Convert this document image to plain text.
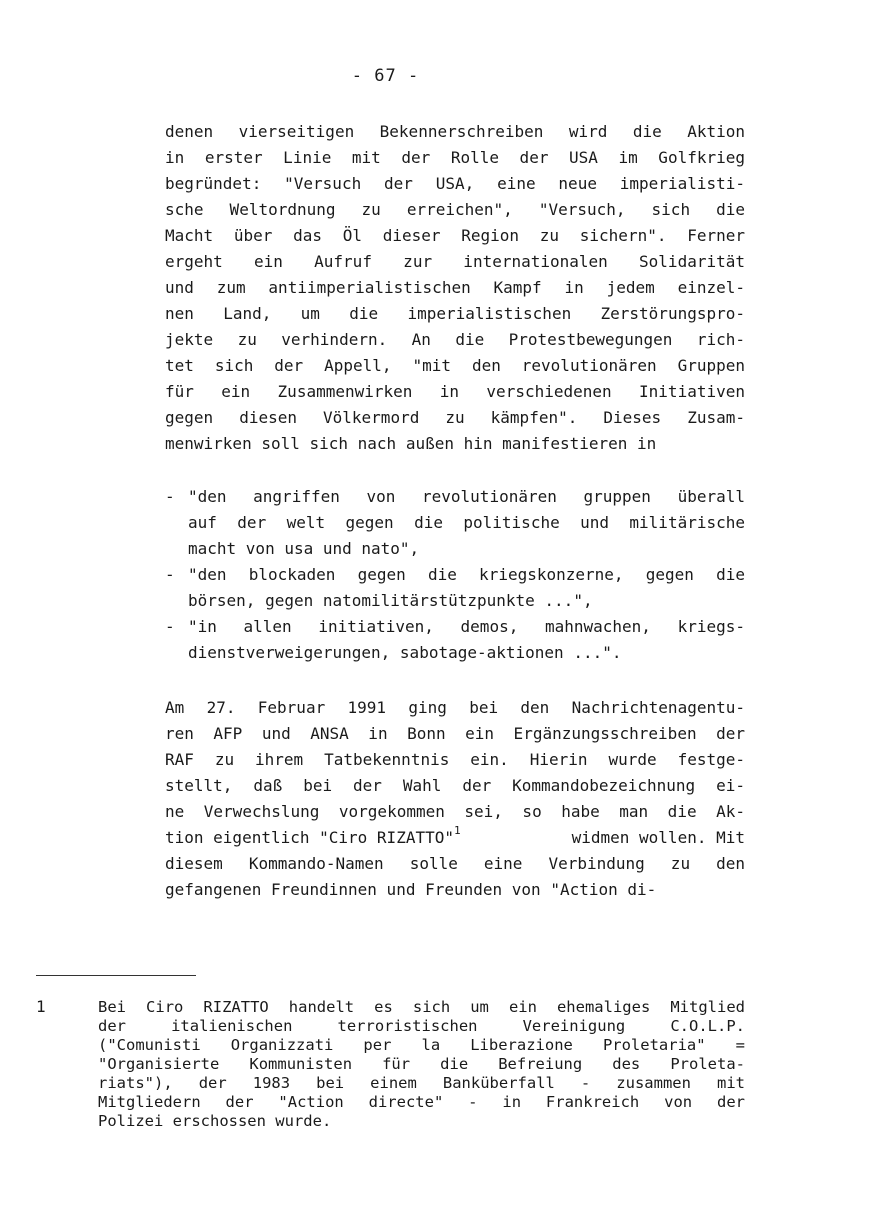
- 67 -
denen vierseitigen Bekennerschreiben wird die Aktion
in erster Linie mit der Rolle der USA im Golfkrieg
begründet: "Versuch der USA, eine neue imperialisti-
sche Weltordnung zu erreichen", "Versuch, sich die
Macht über das Öl dieser Region zu sichern". Ferner
ergeht ein Aufruf zur internationalen Solidarität
und zum antiimperialistischen Kampf in jedem einzel-
nen Land, um die imperialistischen Zerstörungspro-
jekte zu verhindern. An die Protestbewegungen rich-
tet sich der Appell, "mit den revolutionären Gruppen
für ein Zusammenwirken in verschiedenen Initiativen
gegen diesen Völkermord zu kämpfen". Dieses Zusam-
menwirken soll sich nach außen hin manifestieren in
- "den angriffen von revolutionären gruppen überall
auf der welt gegen die politische und militärische
macht von usa und nato",
- "den blockaden gegen die kriegskonzerne, gegen die
börsen, gegen natomilitärstützpunkte ...",
- "in allen initiativen, demos, mahnwachen, kriegs-
dienstverweigerungen, sabotage-aktionen ...".
Am 27. Februar 1991 ging bei den Nachrichtenagentu-
ren AFP und ANSA in Bonn ein Ergänzungsschreiben der
RAF zu ihrem Tatbekenntnis ein. Hierin wurde festge-
stellt, daß bei der Wahl der Kommandobezeichnung ei-
ne Verwechslung vorgekommen sei, so habe man die Ak-
tion eigentlich "Ciro RIZATTO"$^1$	widmen wollen. Mit
diesem Kommando-Namen solle eine Verbindung zu den
gefangenen Freundinnen und Freunden von "Action di-
1	Bei Ciro RIZATTO handelt es sich um ein ehemaliges Mitglied
der italienischen terroristischen Vereinigung C.O.L.P.
("Comunisti Organizzati per la Liberazione Proletaria" =
"Organisierte Kommunisten für die Befreiung des Proleta-
riats"), der 1983 bei einem Banküberfall - zusammen mit
Mitgliedern der "Action directe" - in Frankreich von der
Polizei erschossen wurde.
